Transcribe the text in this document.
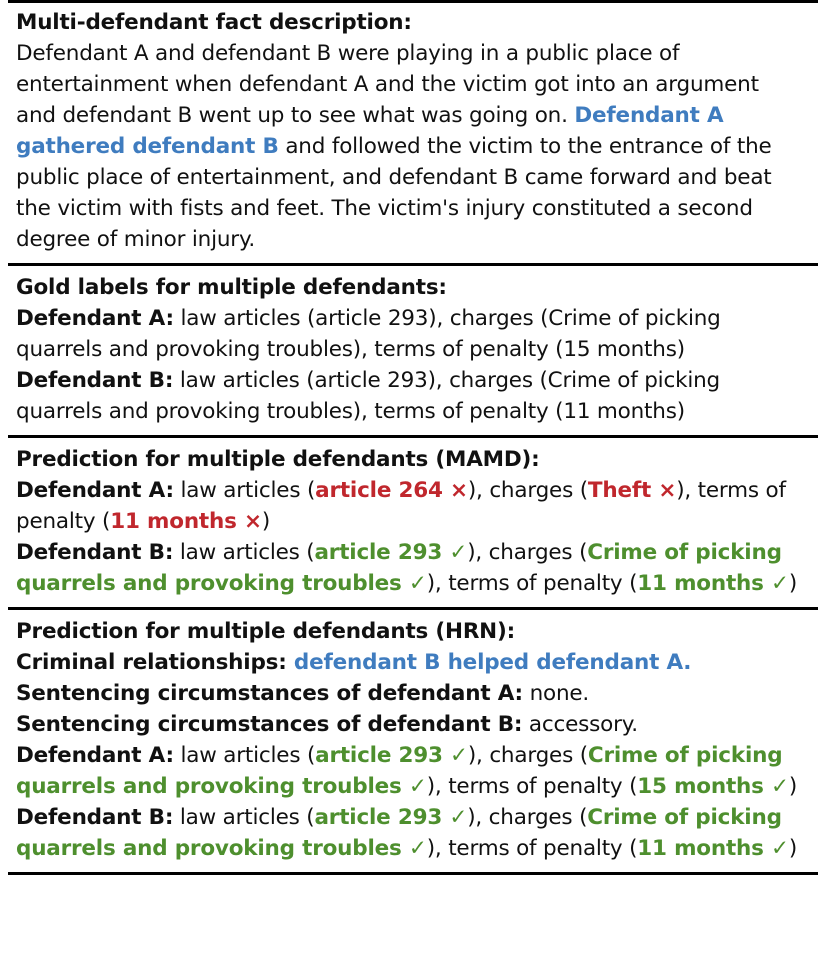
Multi-defendant fact description:
Defendant A and defendant B were playing in a public place of
entertainment when defendant A and the victim got into an argument
and defendant B went up to see what was going on. Defendant A
gathered defendant B and followed the victim to the entrance of the
public place of entertainment, and defendant B came forward and beat
the victim with fists and feet. The victim's injury constituted a second
degree of minor injury.
Gold labels for multiple defendants:
Defendant A: law articles (article 293), charges (Crime of picking
quarrels and provoking troubles), terms of penalty (15 months)
Defendant B: law articles (article 293), charges (Crime of picking
quarrels and provoking troubles), terms of penalty (11 months)
Prediction for multiple defendants (MAMD):
Defendant A: law articles (article 264 ×), charges (Theft ×), terms of
penalty (11 months ×)
Defendant B: law articles (article 293 ✓), charges (Crime of picking
quarrels and provoking troubles ✓), terms of penalty (11 months ✓)
Prediction for multiple defendants (HRN):
Criminal relationships: defendant B helped defendant A.
Sentencing circumstances of defendant A: none.
Sentencing circumstances of defendant B: accessory.
Defendant A: law articles (article 293 ✓), charges (Crime of picking
quarrels and provoking troubles ✓), terms of penalty (15 months ✓)
Defendant B: law articles (article 293 ✓), charges (Crime of picking
quarrels and provoking troubles ✓), terms of penalty (11 months ✓)
